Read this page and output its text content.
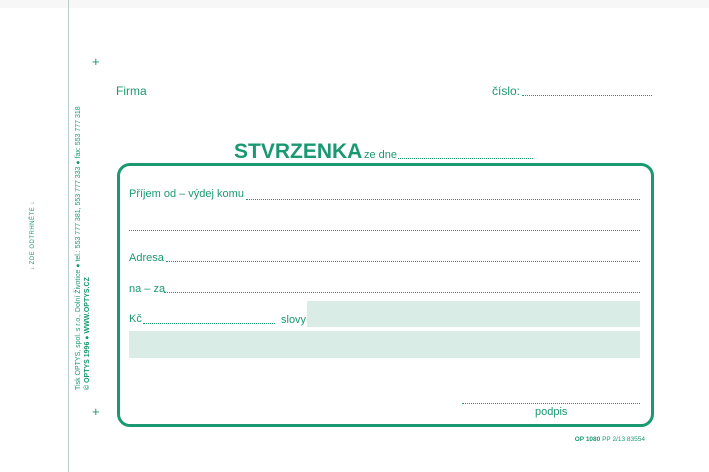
↓ ZDE ODTRHNĚTE ↓	Tisk OPTYS, spol. s r.o., Dolní Životice ● tel.: 553 777 381, 553 777 333 ● fax: 553 777 318 © OPTYS 1996 ● WWW.OPTYS.CZ
+
+
Firma	číslo:
STVRZENKA ze dne
Příjem od – výdej komu
Adresa
na – za
Kč	slovy
podpis
OP 1080 PP 2/13 83554
